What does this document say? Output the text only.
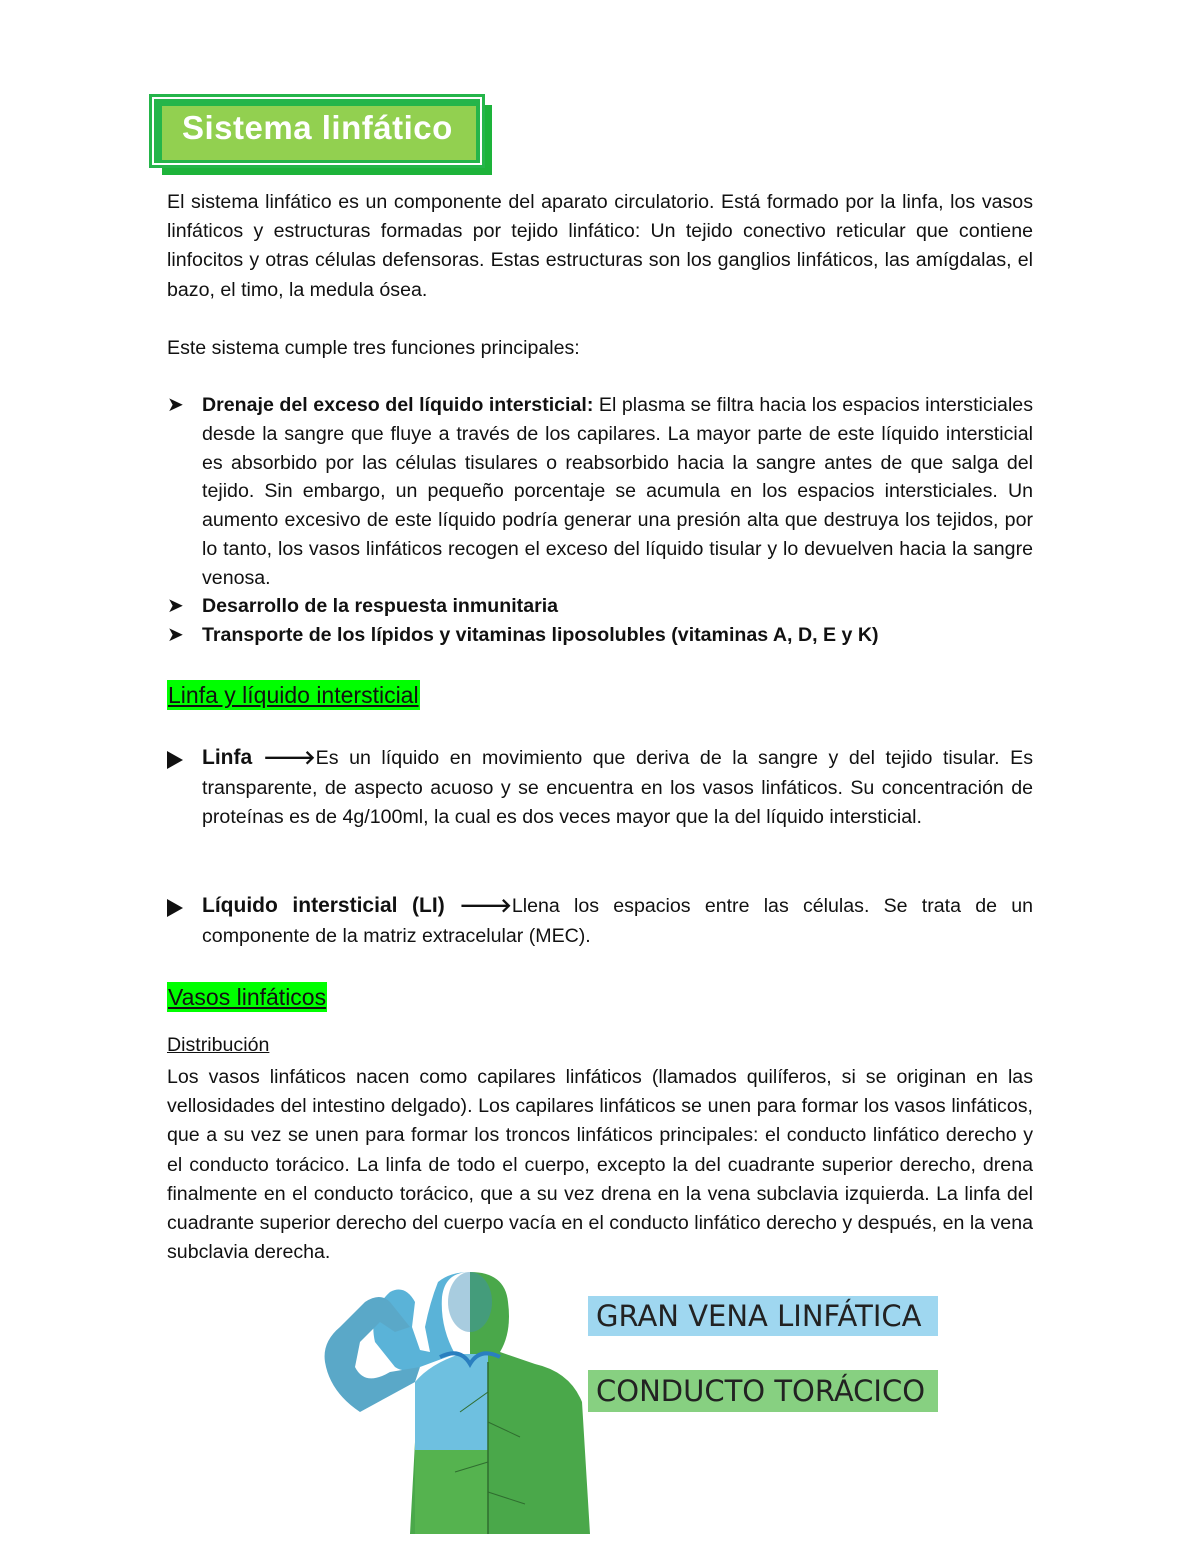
Sistema linfático

El sistema linfático es un componente del aparato circulatorio. Está formado por la linfa, los vasos linfáticos y estructuras formadas por tejido linfático: Un tejido conectivo reticular que contiene linfocitos y otras células defensoras. Estas estructuras son los ganglios linfáticos, las amígdalas, el bazo, el timo, la medula ósea.

Este sistema cumple tres funciones principales:

➤ Drenaje del exceso del líquido intersticial: El plasma se filtra hacia los espacios intersticiales desde la sangre que fluye a través de los capilares. La mayor parte de este líquido intersticial es absorbido por las células tisulares o reabsorbido hacia la sangre antes de que salga del tejido. Sin embargo, un pequeño porcentaje se acumula en los espacios intersticiales. Un aumento excesivo de este líquido podría generar una presión alta que destruya los tejidos, por lo tanto, los vasos linfáticos recogen el exceso del líquido tisular y lo devuelven hacia la sangre venosa.
➤ Desarrollo de la respuesta inmunitaria
➤ Transporte de los lípidos y vitaminas liposolubles (vitaminas A, D, E y K)
Linfa y líquido intersticial
Linfa 🡒Es un líquido en movimiento que deriva de la sangre y del tejido tisular. Es transparente, de aspecto acuoso y se encuentra en los vasos linfáticos. Su concentración de proteínas es de 4g/100ml, la cual es dos veces mayor que la del líquido intersticial.
Líquido intersticial (LI) 🡒Llena los espacios entre las células. Se trata de un componente de la matriz extracelular (MEC).
Vasos linfáticos
Distribución

Los vasos linfáticos nacen como capilares linfáticos (llamados quilíferos, si se originan en las vellosidades del intestino delgado). Los capilares linfáticos se unen para formar los vasos linfáticos, que a su vez se unen para formar los troncos linfáticos principales: el conducto linfático derecho y el conducto torácico. La linfa de todo el cuerpo, excepto la del cuadrante superior derecho, drena finalmente en el conducto torácico, que a su vez drena en la vena subclavia izquierda. La linfa del cuadrante superior derecho del cuerpo vacía en el conducto linfático derecho y después, en la vena subclavia derecha.

GRAN VENA LINFÁTICA
CONDUCTO TORÁCICO
